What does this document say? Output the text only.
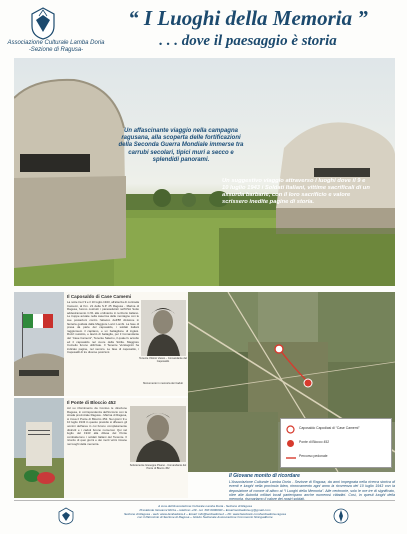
Associazione Culturale Lamba Doria
-Sezione di Ragusa-
“ I Luoghi della Memoria ”
. . . dove il paesaggio è storia
Un affascinante viaggio nella campagna ragusana, alla scoperta delle fortificazioni della Seconda Guerra Mondiale immerse tra carrubi secolari, tipici muri a secco e splendidi panorami.
Un suggestivo viaggio attraverso i luoghi dove il 9 e 10 luglio 1943 i Soldati Italiani, vittime sacrificali di un assurda barbarie, con il loro sacrificio e valore scrissero inedite pagine di storia.
Il Caposaldo di Case Camemi
La notte tra il 9 e il 10 luglio 1943, all'altezza di contrada Camemi, al Km. 21 della S.P. 25 Ragusa - Marina di Ragusa, furono costruiti i paracadutisti nell'USA Sotto addestramento C-51 alle ordinanze in territorio italiano. Le truppe avviate nella caserma delle montagne con le sue postazioni contro l'attacco dell'88 divisione in fanteria guidata dalla Maggiore Lucci Lombi. La fase di presa da parte del caposaldo, i soldati italiani raggiunsero il capitano, e un battaglione di inglesi. Ruzzi resistito, e lasciò di battaglia, per il Comandante del “Case Camemi”, Tenente Salerno, il quale fu accolto ed il caposaldo nel cuore della Sicilia. Maggiore Cornelio furono utilizzate. Il Tenente Verstagnini ha indicato pagine, nel nemico. Le fase di caposaldo, i Caposaldi di tre diverse posizioni.
Tenente Vittorio Varesi – Comandante del Caposaldo
Monumento in memoria dei Caduti
Il Ponte di Bloccio 452
Ad su rifornimento da Comiso le direzione Ragusa, in corrispondenza dell'incrocio con la strada provinciale Ragusa - Marina di Ragusa, si trova il Ponte di Bloccio 452. Nei giorni 9 e 10 luglio 1943 in questo presidio si difesero gli uomini dell'area in cui furono completamente distrutti e i caduti furono numerosi. Qui nel luglio del 1943 alla difesa del Ponte combatterono i soldati Italiani del Tenente. Il ricordo di quei giorni e dei morti vicini rimane nei luoghi della memoria.
Sottotenente Giuseppe Pisano - Comandante del Ponte di Blocco 452
Caposaldo Capodiasi di “Case Camemi”
Ponte di Blocco 452
Percorso pedonale
Il Giovane monito di ricordare
L'Associazione Culturale Lamba Doria - Sezione di Ragusa, da anni impegnata nella ricerca storica di eventi e luoghi nella provincia iblea, rinnovamento agni anno la ricorrenza del 10 luglio 1943 con la deposizione di corone di alloro ai “I Luoghi della Memoria”. Alle cerimonie, solo le ore tre di significato, oltre alle Autorità militari locali partecipano anche numerosi cittadini. Così, in questi luoghi della
A cura dell'Associazione Culturale Lamba Doria - Sezione di Ragusa
Presidente Giovanni Rizza – telefono +39 - tel. 393 0000000 – Email lambadoria.rg@gmail.com
Sezione di Ragusa - web: www.lambadoria.it – Email: info@lambadoria.it – Fb: www.facebook.com/lambadoria.ragusa
con il Patrocinio di Sezione di Ragusa – Istituto Nazionale Assicurazione Commercio Stringaditorre
